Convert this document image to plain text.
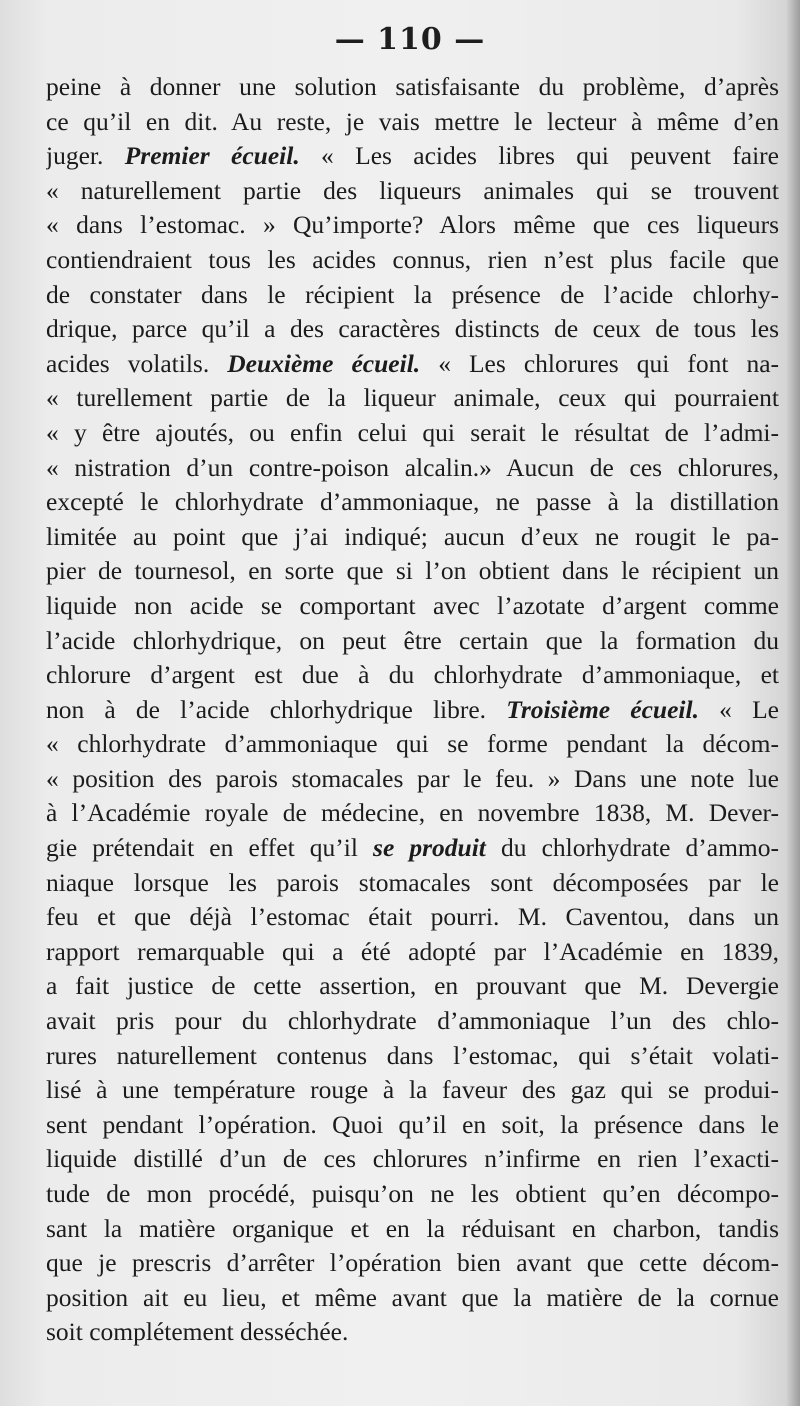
— 110 —
peine à donner une solution satisfaisante du problème, d’après
ce qu’il en dit. Au reste, je vais mettre le lecteur à même d’en
juger. Premier écueil. « Les acides libres qui peuvent faire
« naturellement partie des liqueurs animales qui se trouvent
« dans l’estomac. » Qu’importe? Alors même que ces liqueurs
contiendraient tous les acides connus, rien n’est plus facile que
de constater dans le récipient la présence de l’acide chlorhy-
drique, parce qu’il a des caractères distincts de ceux de tous les
acides volatils. Deuxième écueil. « Les chlorures qui font na-
« turellement partie de la liqueur animale, ceux qui pourraient
« y être ajoutés, ou enfin celui qui serait le résultat de l’admi-
« nistration d’un contre-poison alcalin.» Aucun de ces chlorures,
excepté le chlorhydrate d’ammoniaque, ne passe à la distillation
limitée au point que j’ai indiqué; aucun d’eux ne rougit le pa-
pier de tournesol, en sorte que si l’on obtient dans le récipient un
liquide non acide se comportant avec l’azotate d’argent comme
l’acide chlorhydrique, on peut être certain que la formation du
chlorure d’argent est due à du chlorhydrate d’ammoniaque, et
non à de l’acide chlorhydrique libre. Troisième écueil. « Le
« chlorhydrate d’ammoniaque qui se forme pendant la décom-
« position des parois stomacales par le feu. » Dans une note lue
à l’Académie royale de médecine, en novembre 1838, M. Dever-
gie prétendait en effet qu’il se produit du chlorhydrate d’ammo-
niaque lorsque les parois stomacales sont décomposées par le
feu et que déjà l’estomac était pourri. M. Caventou, dans un
rapport remarquable qui a été adopté par l’Académie en 1839,
a fait justice de cette assertion, en prouvant que M. Devergie
avait pris pour du chlorhydrate d’ammoniaque l’un des chlo-
rures naturellement contenus dans l’estomac, qui s’était volati-
lisé à une température rouge à la faveur des gaz qui se produi-
sent pendant l’opération. Quoi qu’il en soit, la présence dans le
liquide distillé d’un de ces chlorures n’infirme en rien l’exacti-
tude de mon procédé, puisqu’on ne les obtient qu’en décompo-
sant la matière organique et en la réduisant en charbon, tandis
que je prescris d’arrêter l’opération bien avant que cette décom-
position ait eu lieu, et même avant que la matière de la cornue
soit complétement desséchée.
